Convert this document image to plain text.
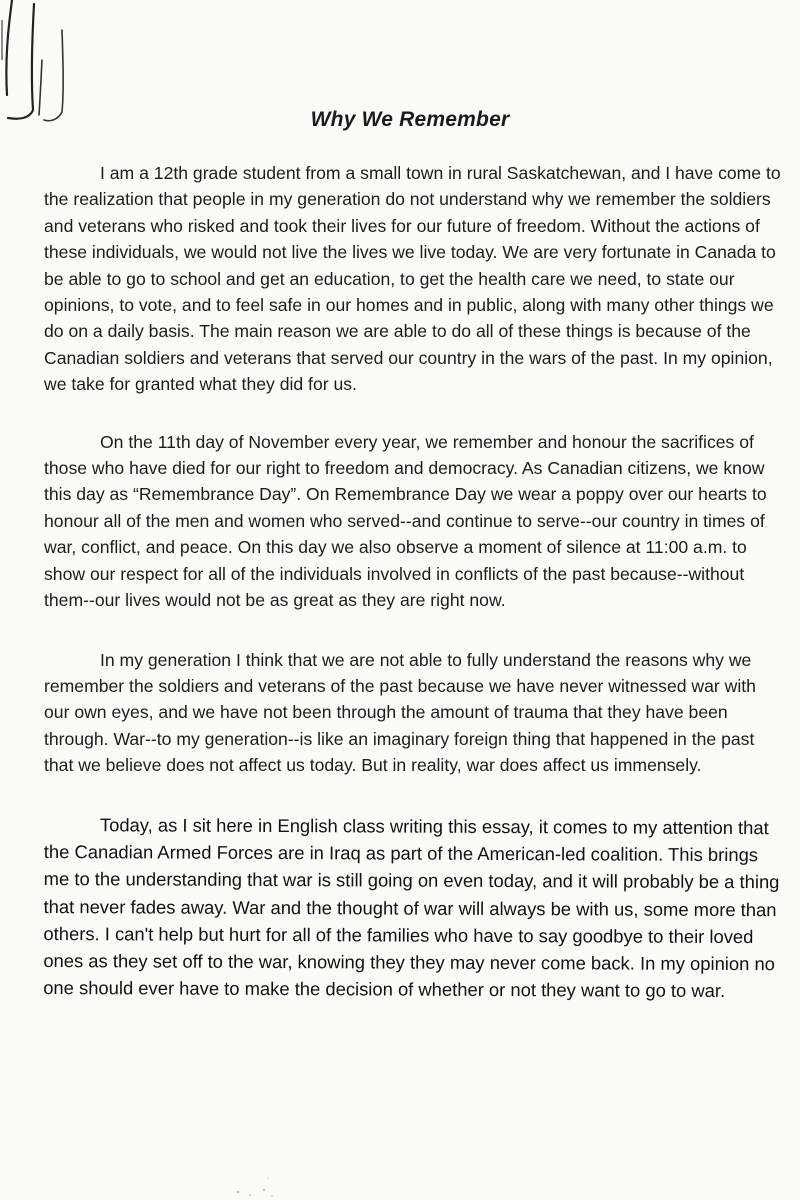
Why We Remember

I am a 12th grade student from a small town in rural Saskatchewan, and I have come to the realization that people in my generation do not understand why we remember the soldiers and veterans who risked and took their lives for our future of freedom. Without the actions of these individuals, we would not live the lives we live today. We are very fortunate in Canada to be able to go to school and get an education, to get the health care we need, to state our opinions, to vote, and to feel safe in our homes and in public, along with many other things we do on a daily basis. The main reason we are able to do all of these things is because of the Canadian soldiers and veterans that served our country in the wars of the past. In my opinion, we take for granted what they did for us.

On the 11th day of November every year, we remember and honour the sacrifices of those who have died for our right to freedom and democracy. As Canadian citizens, we know this day as “Remembrance Day”. On Remembrance Day we wear a poppy over our hearts to honour all of the men and women who served--and continue to serve--our country in times of war, conflict, and peace. On this day we also observe a moment of silence at 11:00 a.m. to show our respect for all of the individuals involved in conflicts of the past because--without them--our lives would not be as great as they are right now.

In my generation I think that we are not able to fully understand the reasons why we remember the soldiers and veterans of the past because we have never witnessed war with our own eyes, and we have not been through the amount of trauma that they have been through. War--to my generation--is like an imaginary foreign thing that happened in the past that we believe does not affect us today. But in reality, war does affect us immensely.

Today, as I sit here in English class writing this essay, it comes to my attention that the Canadian Armed Forces are in Iraq as part of the American-led coalition. This brings me to the understanding that war is still going on even today, and it will probably be a thing that never fades away. War and the thought of war will always be with us, some more than others. I can't help but hurt for all of the families who have to say goodbye to their loved ones as they set off to the war, knowing they they may never come back. In my opinion no one should ever have to make the decision of whether or not they want to go to war.
